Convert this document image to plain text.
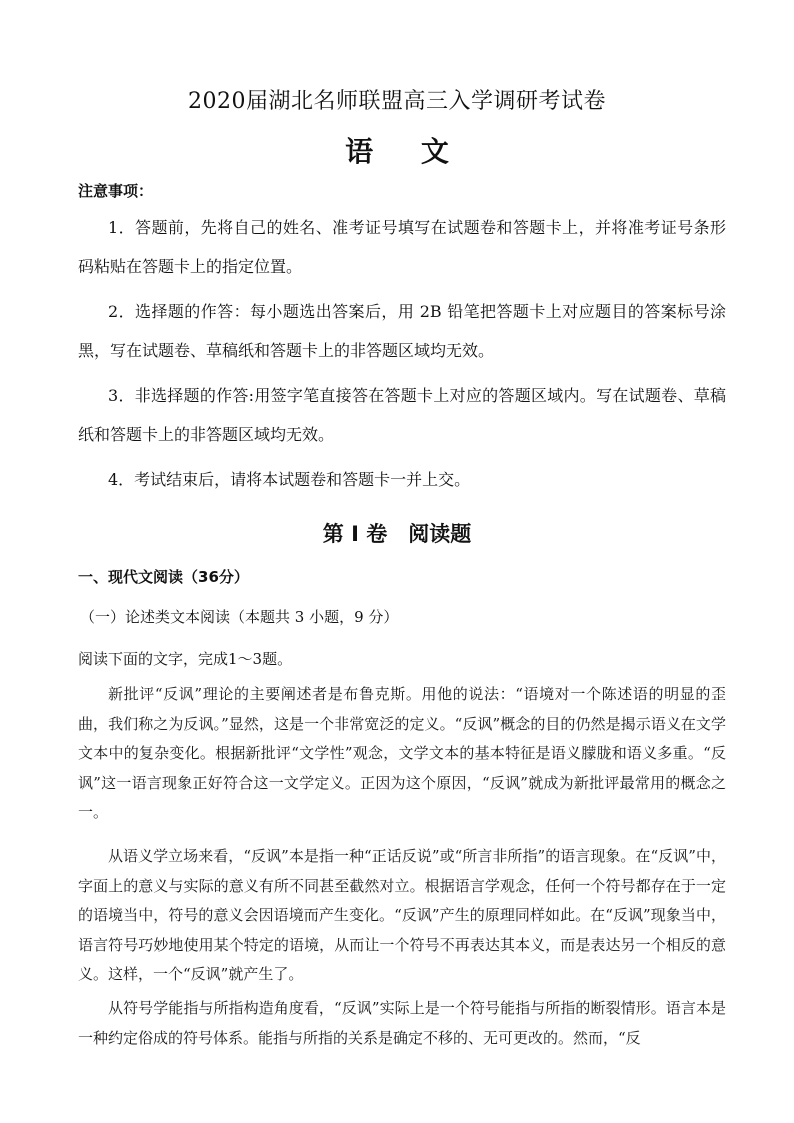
2020届湖北名师联盟高三入学调研考试卷
语 文
注意事项：

1．答题前，先将自己的姓名、准考证号填写在试题卷和答题卡上，并将准考证号条形码粘贴在答题卡上的指定位置。

2．选择题的作答：每小题选出答案后，用 2B 铅笔把答题卡上对应题目的答案标号涂黑，写在试题卷、草稿纸和答题卡上的非答题区域均无效。

3．非选择题的作答:用签字笔直接答在答题卡上对应的答题区域内。写在试题卷、草稿纸和答题卡上的非答题区域均无效。

4．考试结束后，请将本试题卷和答题卡一并上交。

第 I 卷　阅读题
一、现代文阅读（36分）
（一）论述类文本阅读（本题共 3 小题，9 分）
阅读下面的文字，完成1～3题。

新批评“反讽”理论的主要阐述者是布鲁克斯。用他的说法：“语境对一个陈述语的明显的歪曲，我们称之为反讽。”显然，这是一个非常宽泛的定义。“反讽”概念的目的仍然是揭示语义在文学文本中的复杂变化。根据新批评“文学性”观念，文学文本的基本特征是语义朦胧和语义多重。“反讽”这一语言现象正好符合这一文学定义。正因为这个原因，“反讽”就成为新批评最常用的概念之一。

从语义学立场来看，“反讽”本是指一种“正话反说”或“所言非所指”的语言现象。在“反讽”中，字面上的意义与实际的意义有所不同甚至截然对立。根据语言学观念，任何一个符号都存在于一定的语境当中，符号的意义会因语境而产生变化。“反讽”产生的原理同样如此。在“反讽”现象当中，语言符号巧妙地使用某个特定的语境，从而让一个符号不再表达其本义，而是表达另一个相反的意义。这样，一个“反讽”就产生了。

从符号学能指与所指构造角度看，“反讽”实际上是一个符号能指与所指的断裂情形。语言本是一种约定俗成的符号体系。能指与所指的关系是确定不移的、无可更改的。然而，“反
